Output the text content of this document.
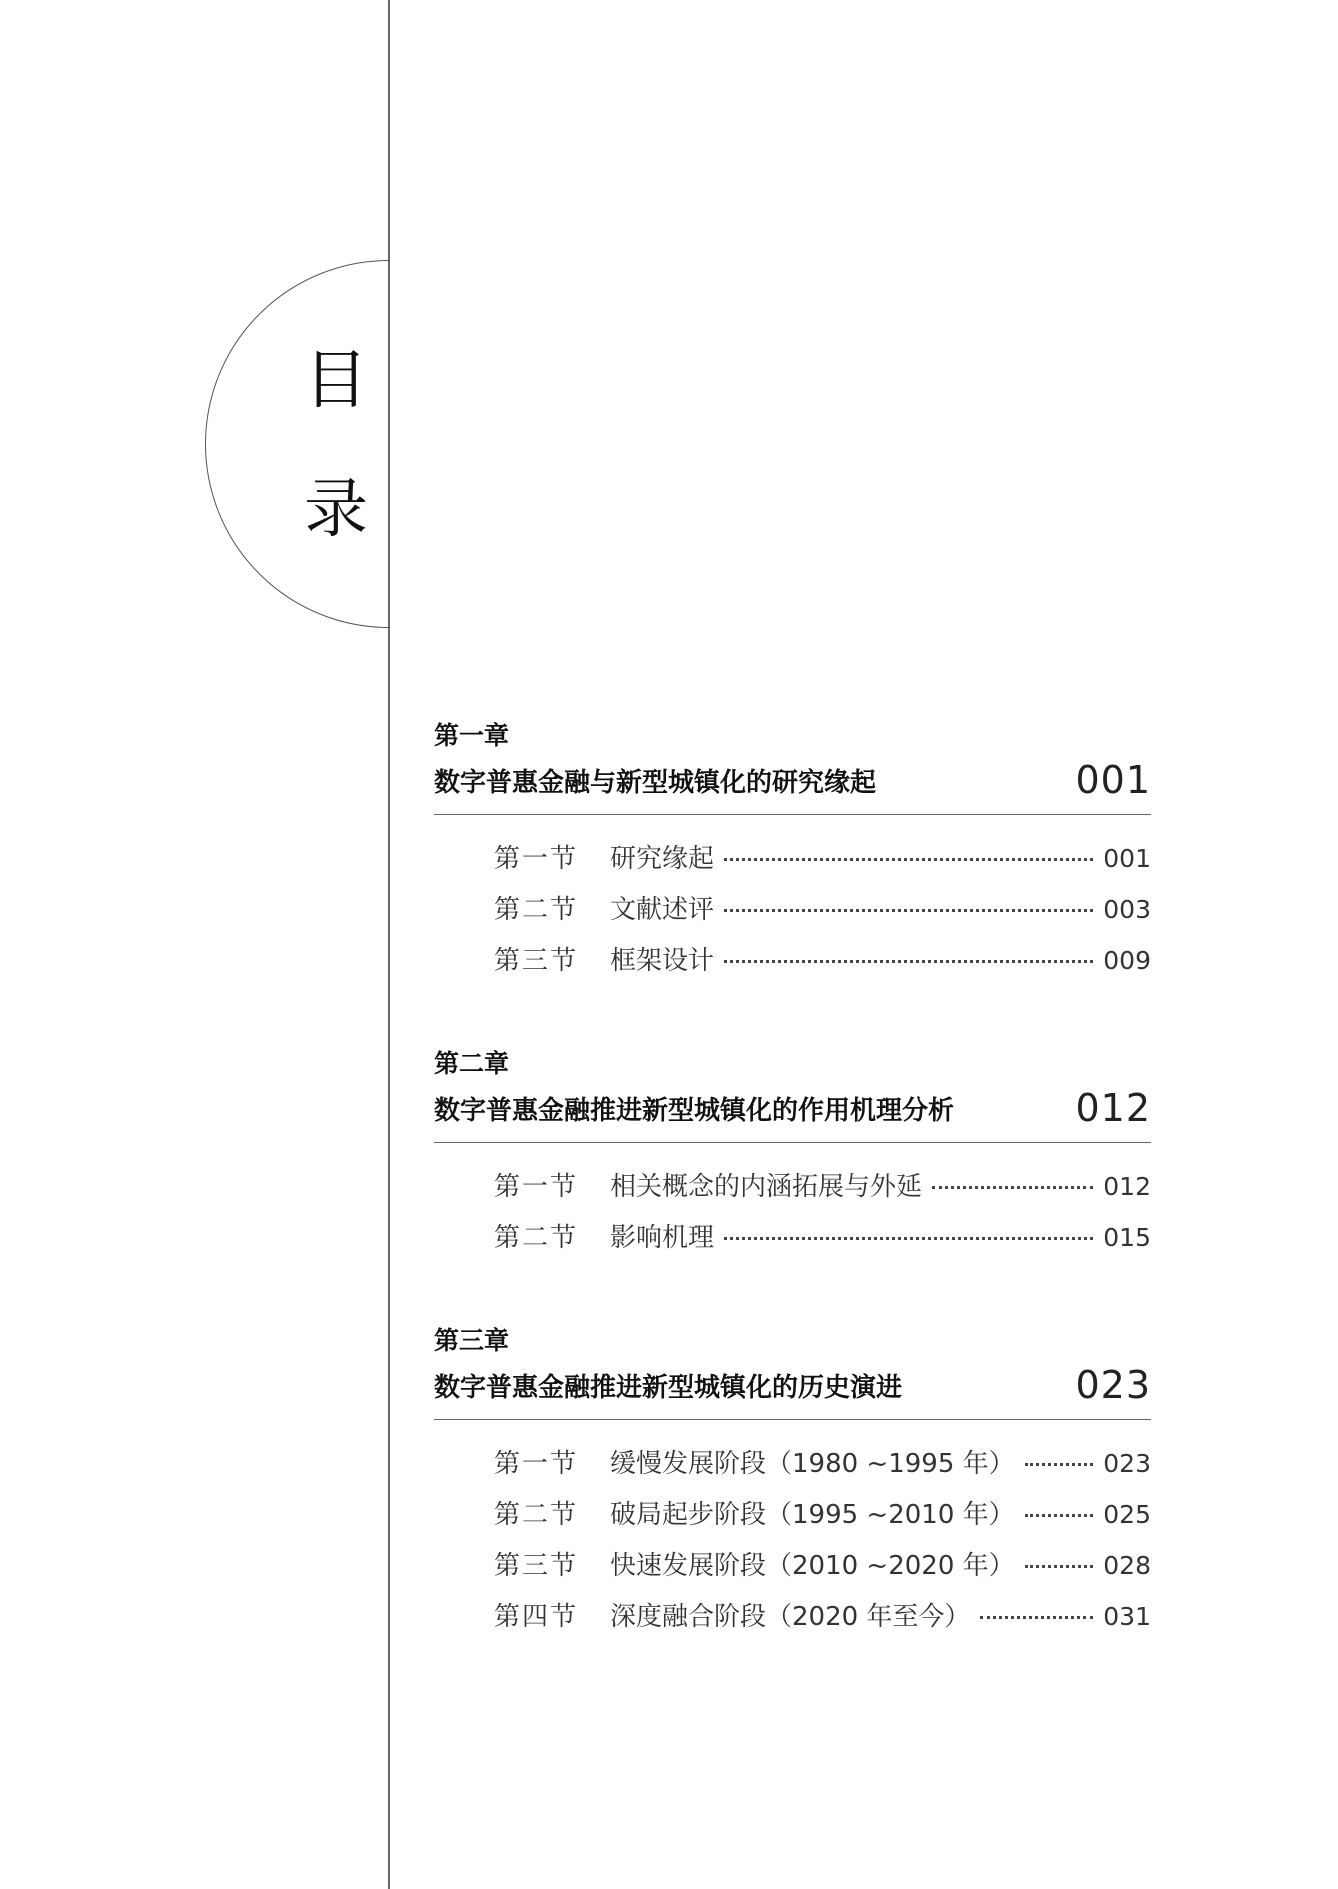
目
录
第一章
数字普惠金融与新型城镇化的研究缘起	001
第一节	研究缘起	001
第二节	文献述评	003
第三节	框架设计	009
第二章
数字普惠金融推进新型城镇化的作用机理分析	012
第一节	相关概念的内涵拓展与外延	012
第二节	影响机理	015
第三章
数字普惠金融推进新型城镇化的历史演进	023
第一节	缓慢发展阶段（1980 ~1995 年）	023
第二节	破局起步阶段（1995 ~2010 年）	025
第三节	快速发展阶段（2010 ~2020 年）	028
第四节	深度融合阶段（2020 年至今）	031
